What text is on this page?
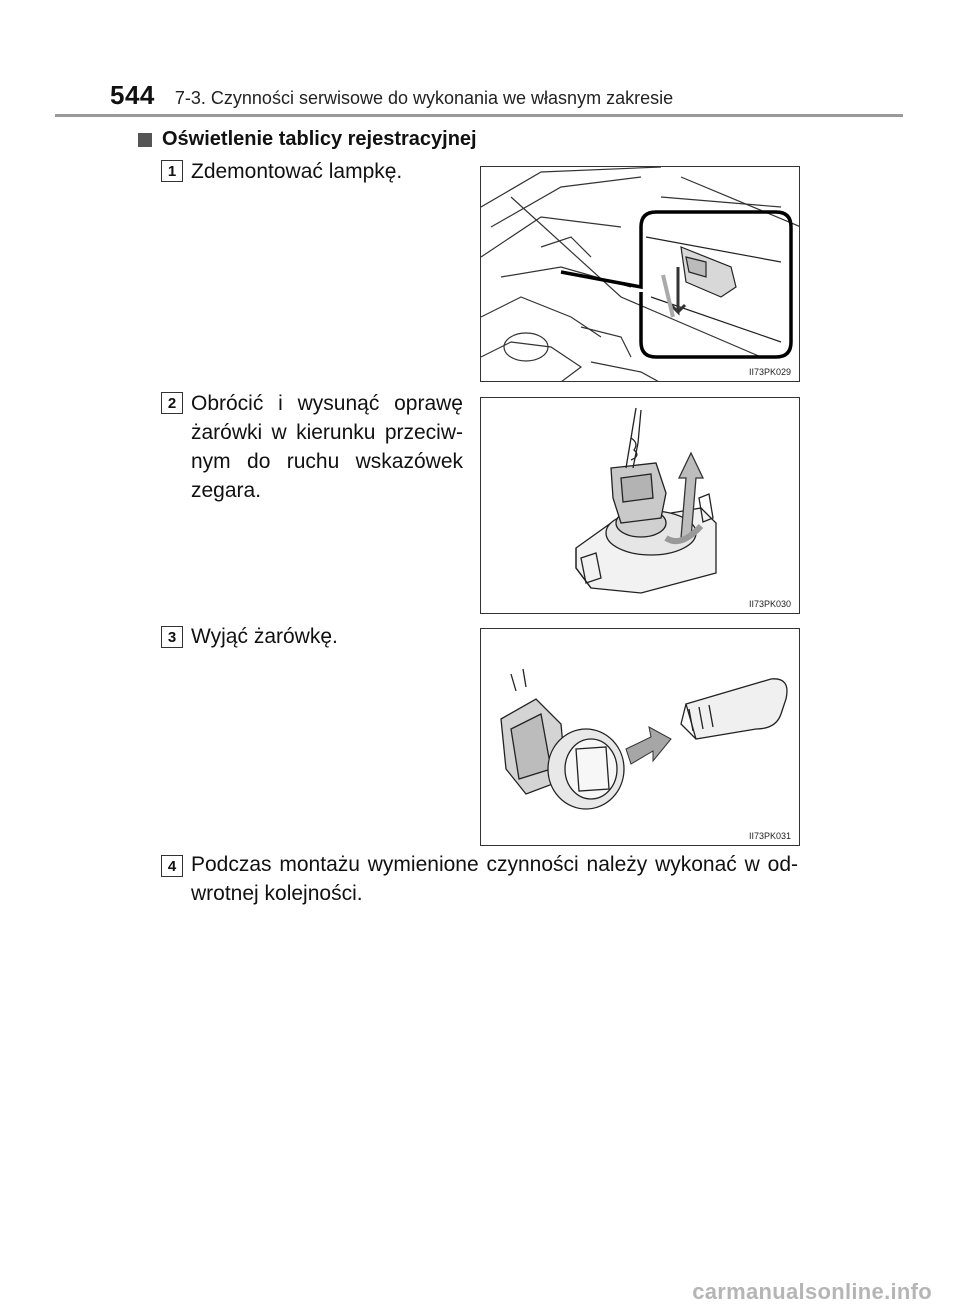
544 7-3. Czynności serwisowe do wykonania we własnym zakresie
Oświetlenie tablicy rejestracyjnej
1 Zdemontować lampkę.
II73PK029
2 Obrócić i wysunąć oprawę żarówki w kierunku przeciw-nym do ruchu wskazówek zegara.
II73PK030
3 Wyjąć żarówkę.
II73PK031
4 Podczas montażu wymienione czynności należy wykonać w od-wrotnej kolejności.
carmanualsonline.info
